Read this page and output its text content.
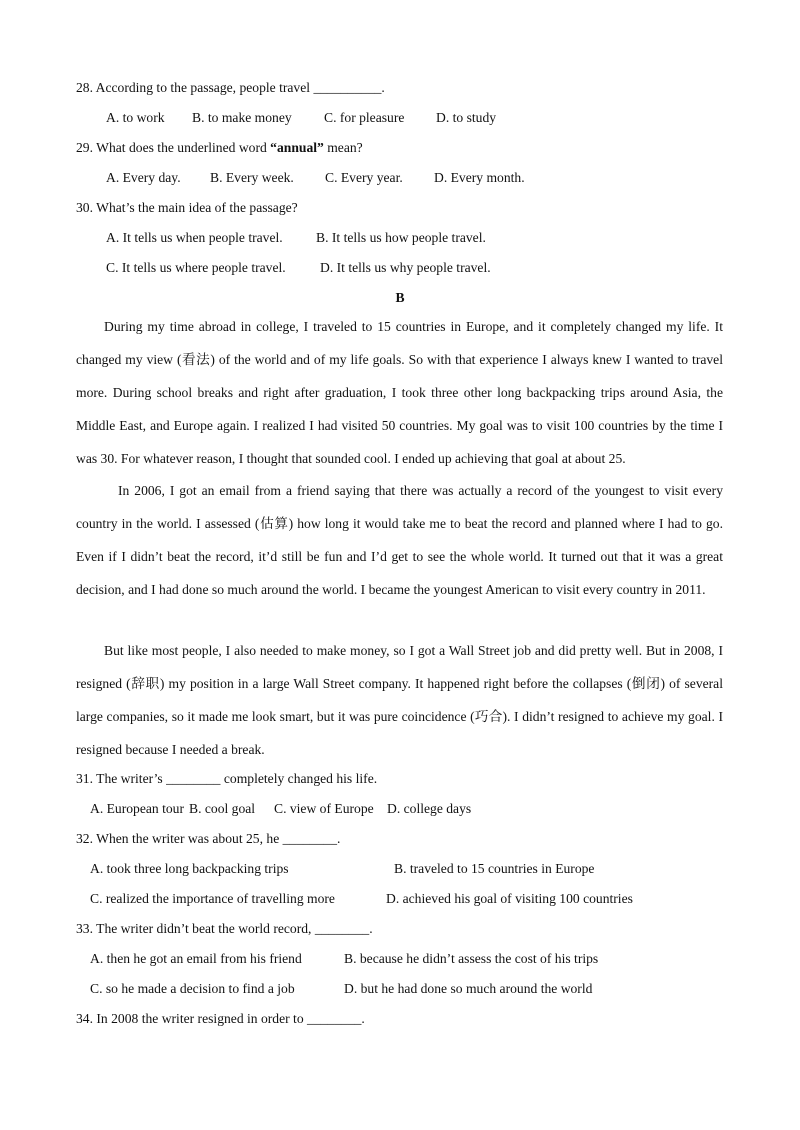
28. According to the passage, people travel __________.
A. to work B. to make money C. for pleasure D. to study
29. What does the underlined word “annual” mean?
A. Every day. B. Every week. C. Every year. D. Every month.
30. What’s the main idea of the passage?
A. It tells us when people travel. B. It tells us how people travel.
C. It tells us where people travel.	D. It tells us why people travel.
B

During my time abroad in college, I traveled to 15 countries in Europe, and it completely changed my life. It changed my view (看法) of the world and of my life goals. So with that experience I always knew I wanted to travel more. During school breaks and right after graduation, I took three other long backpacking trips around Asia, the Middle East, and Europe again. I realized I had visited 50 countries. My goal was to visit 100 countries by the time I was 30. For whatever reason, I thought that sounded cool. I ended up achieving that goal at about 25.

In 2006, I got an email from a friend saying that there was actually a record of the youngest to visit every country in the world. I assessed (估算) how long it would take me to beat the record and planned where I had to go. Even if I didn’t beat the record, it’d still be fun and I’d get to see the whole world. It turned out that it was a great decision, and I had done so much around the world. I became the youngest American to visit every country in 2011.

But like most people, I also needed to make money, so I got a Wall Street job and did pretty well. But in 2008, I resigned (辞职) my position in a large Wall Street company. It happened right before the collapses (倒闭) of several large companies, so it made me look smart, but it was pure coincidence (巧合). I didn’t resigned to achieve my goal. I resigned because I needed a break.

31. The writer’s ________ completely changed his life.
A. European tour B. cool goal C. view of Europe D. college days
32. When the writer was about 25, he ________.
A. took three long backpacking trips	B. traveled to 15 countries in Europe
C. realized the importance of travelling more	D. achieved his goal of visiting 100 countries
33. The writer didn’t beat the world record, ________.
A. then he got an email from his friend	B. because he didn’t assess the cost of his trips
C. so he made a decision to find a job	D. but he had done so much around the world
34. In 2008 the writer resigned in order to ________.
